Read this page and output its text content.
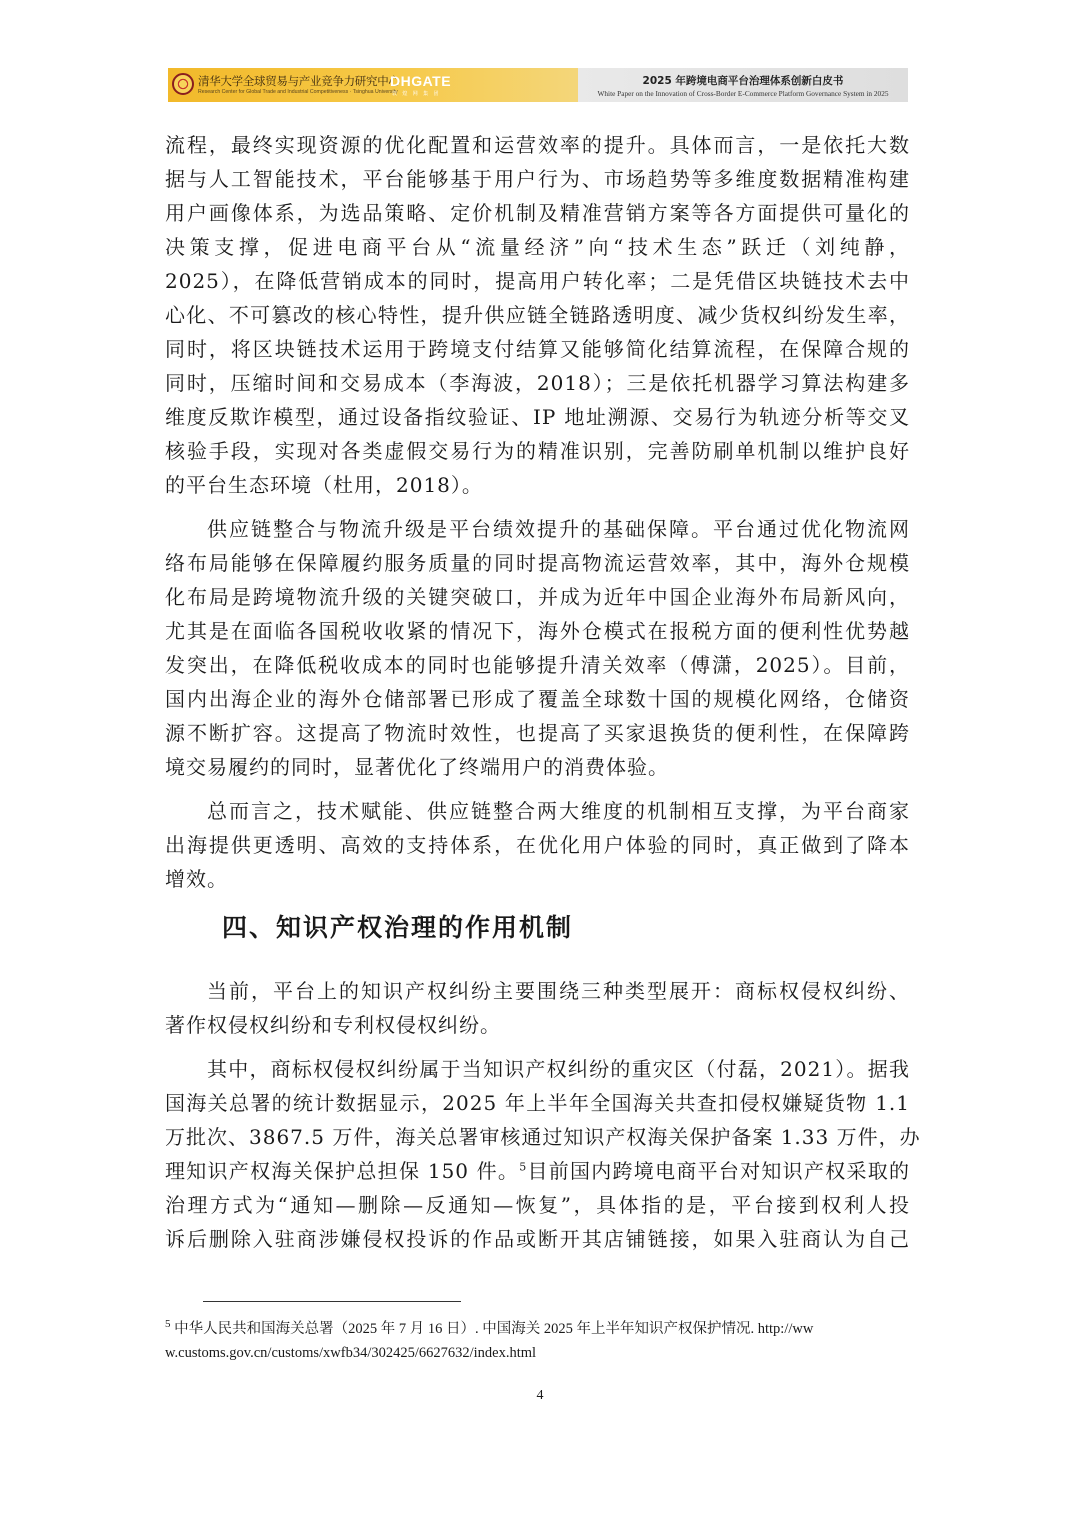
清华大学全球贸易与产业竞争力研究中心
Research Center for Global Trade and Industrial Competitiveness · Tsinghua University
DHGATE
敦 煌 网 集 团
2025 年跨境电商平台治理体系创新白皮书
White Paper on the Innovation of Cross-Border E-Commerce Platform Governance System in 2025
流程，最终实现资源的优化配置和运营效率的提升。具体而言，一是依托大数
据与人工智能技术，平台能够基于用户行为、市场趋势等多维度数据精准构建
用户画像体系，为选品策略、定价机制及精准营销方案等各方面提供可量化的
决策支撑，促进电商平台从“流量经济”向“技术生态”跃迁（刘纯静，
2025），在降低营销成本的同时，提高用户转化率；二是凭借区块链技术去中
心化、不可篡改的核心特性，提升供应链全链路透明度、减少货权纠纷发生率，
同时，将区块链技术运用于跨境支付结算又能够简化结算流程，在保障合规的
同时，压缩时间和交易成本（李海波，2018）；三是依托机器学习算法构建多
维度反欺诈模型，通过设备指纹验证、IP 地址溯源、交易行为轨迹分析等交叉
核验手段，实现对各类虚假交易行为的精准识别，完善防刷单机制以维护良好
的平台生态环境（杜用，2018）。
供应链整合与物流升级是平台绩效提升的基础保障。平台通过优化物流网
络布局能够在保障履约服务质量的同时提高物流运营效率，其中，海外仓规模
化布局是跨境物流升级的关键突破口，并成为近年中国企业海外布局新风向，
尤其是在面临各国税收收紧的情况下，海外仓模式在报税方面的便利性优势越
发突出，在降低税收成本的同时也能够提升清关效率（傅潇，2025）。目前，
国内出海企业的海外仓储部署已形成了覆盖全球数十国的规模化网络，仓储资
源不断扩容。这提高了物流时效性，也提高了买家退换货的便利性，在保障跨
境交易履约的同时，显著优化了终端用户的消费体验。
总而言之，技术赋能、供应链整合两大维度的机制相互支撑，为平台商家
出海提供更透明、高效的支持体系，在优化用户体验的同时，真正做到了降本
增效。
四、知识产权治理的作用机制
当前，平台上的知识产权纠纷主要围绕三种类型展开：商标权侵权纠纷、
著作权侵权纠纷和专利权侵权纠纷。
其中，商标权侵权纠纷属于当知识产权纠纷的重灾区（付磊，2021）。据我
国海关总署的统计数据显示，2025 年上半年全国海关共查扣侵权嫌疑货物 1.1
万批次、3867.5 万件，海关总署审核通过知识产权海关保护备案 1.33 万件，办
理知识产权海关保护总担保 150 件。$^5$目前国内跨境电商平台对知识产权采取的
治理方式为“通知—删除—反通知—恢复”，具体指的是，平台接到权利人投
诉后删除入驻商涉嫌侵权投诉的作品或断开其店铺链接，如果入驻商认为自己
$^5$ 中华人民共和国海关总署（2025 年 7 月 16 日）. 中国海关 2025 年上半年知识产权保护情况. http://ww
w.customs.gov.cn/customs/xwfb34/302425/6627632/index.html
4
